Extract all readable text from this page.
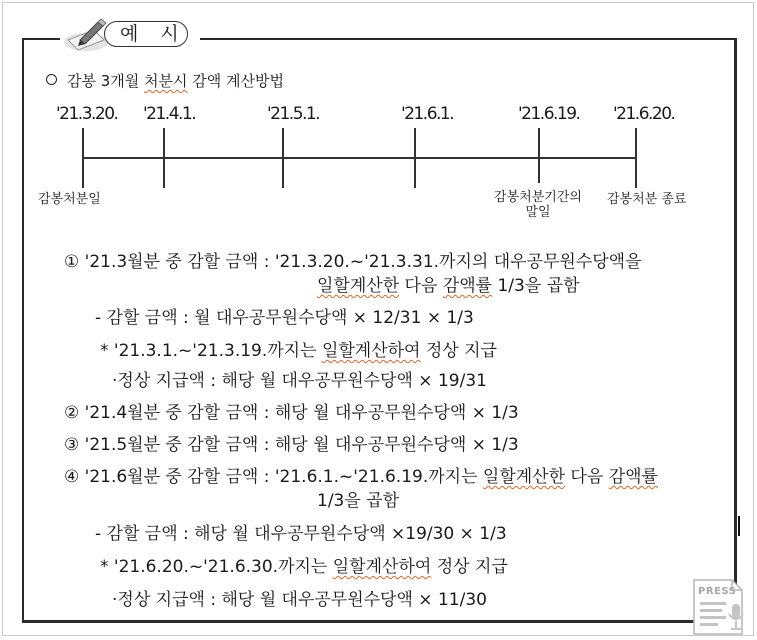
예 시
감봉 3개월 처분시 감액 계산방법
'21.3.20. '21.4.1.	'21.5.1.	'21.6.1.	'21.6.19. '21.6.20.
감봉처분일	감봉처분기간의
말일
감봉처분 종료
① '21.3월분 중 감할 금액 : '21.3.20.~'21.3.31.까지의 대우공무원수당액을
일할계산한 다음 감액률 1/3을 곱함
- 감할 금액 : 월 대우공무원수당액 × 12/31 × 1/3
* '21.3.1.~'21.3.19.까지는 일할계산하여 정상 지급
·정상 지급액 : 해당 월 대우공무원수당액 × 19/31
② '21.4월분 중 감할 금액 : 해당 월 대우공무원수당액 × 1/3
③ '21.5월분 중 감할 금액 : 해당 월 대우공무원수당액 × 1/3
④ '21.6월분 중 감할 금액 : '21.6.1.~'21.6.19.까지는 일할계산한 다음 감액률
1/3을 곱함
- 감할 금액 : 해당 월 대우공무원수당액 ×19/30 × 1/3
* '21.6.20.~'21.6.30.까지는 일할계산하여 정상 지급
·정상 지급액 : 해당 월 대우공무원수당액 × 11/30	PRESS
